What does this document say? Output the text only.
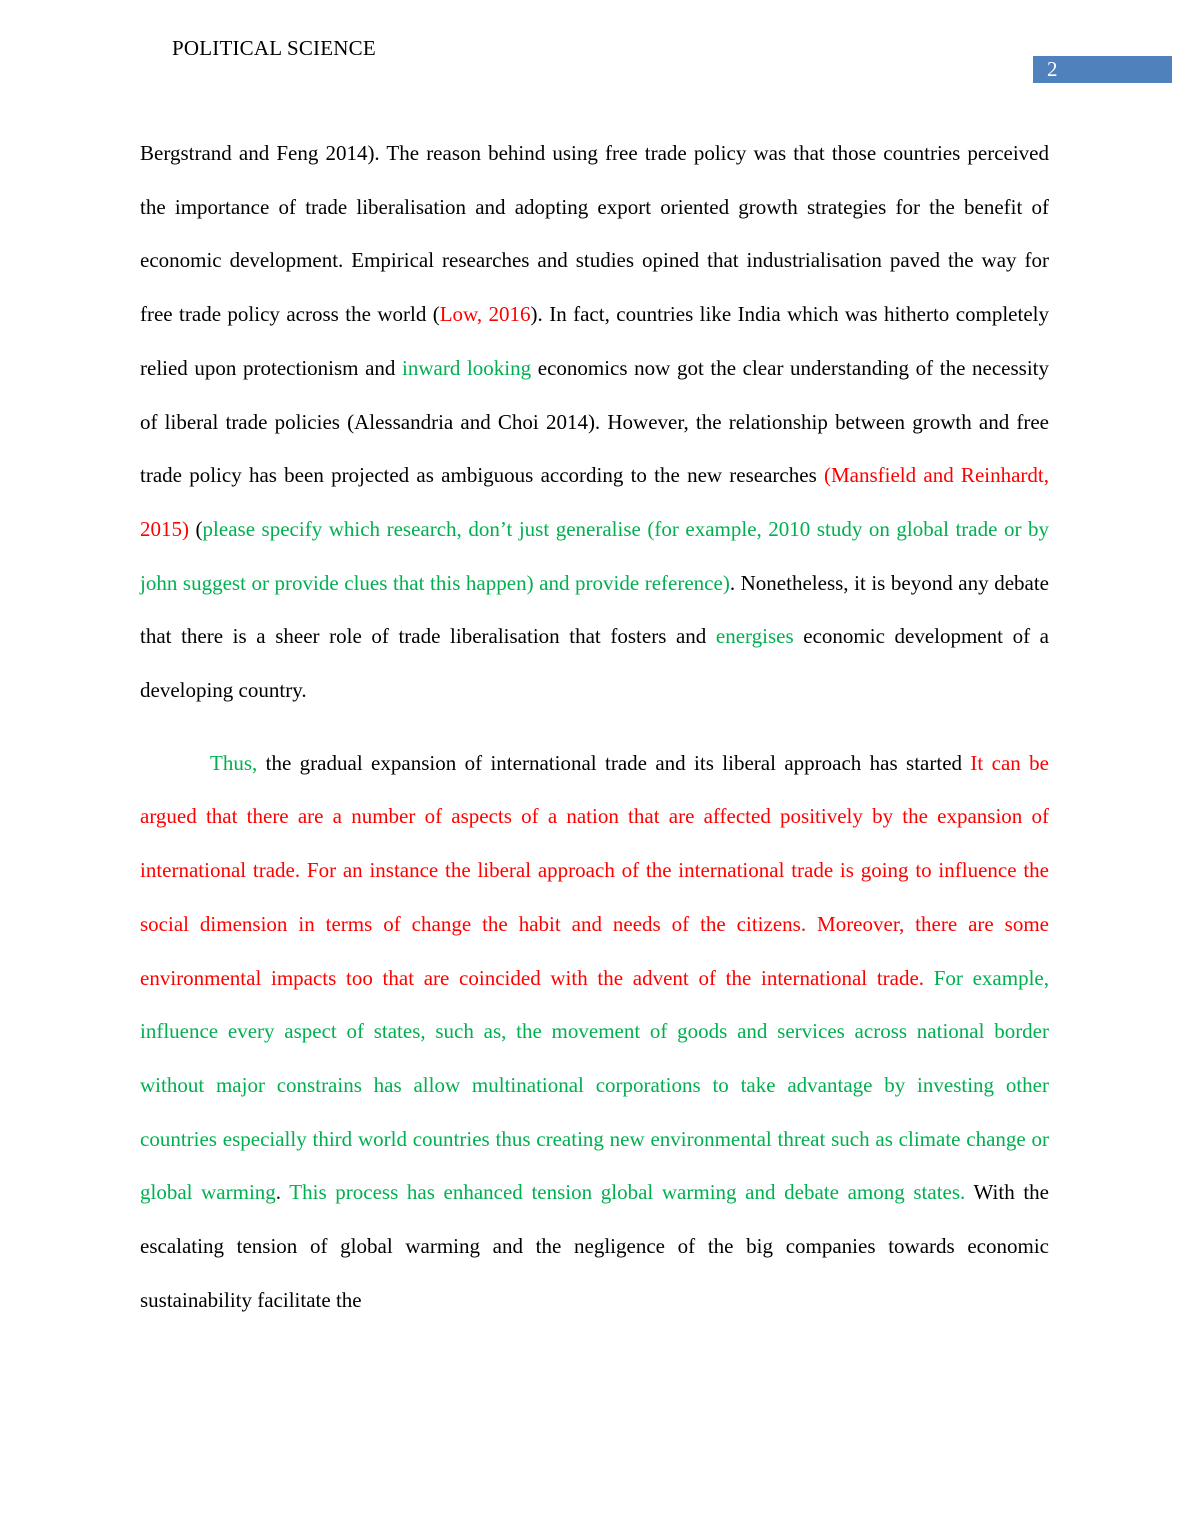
POLITICAL SCIENCE
2

Bergstrand and Feng 2014). The reason behind using free trade policy was that those countries perceived the importance of trade liberalisation and adopting export oriented growth strategies for the benefit of economic development. Empirical researches and studies opined that industrialisation paved the way for free trade policy across the world (Low, 2016). In fact, countries like India which was hitherto completely relied upon protectionism and inward looking economics now got the clear understanding of the necessity of liberal trade policies (Alessandria and Choi 2014). However, the relationship between growth and free trade policy has been projected as ambiguous according to the new researches (Mansfield and Reinhardt, 2015) (please specify which research, don’t just generalise (for example, 2010 study on global trade or by john suggest or provide clues that this happen) and provide reference). Nonetheless, it is beyond any debate that there is a sheer role of trade liberalisation that fosters and energises economic development of a developing country.

Thus, the gradual expansion of international trade and its liberal approach has started It can be argued that there are a number of aspects of a nation that are affected positively by the expansion of international trade. For an instance the liberal approach of the international trade is going to influence the social dimension in terms of change the habit and needs of the citizens. Moreover, there are some environmental impacts too that are coincided with the advent of the international trade. For example, influence every aspect of states, such as, the movement of goods and services across national border without major constrains has allow multinational corporations to take advantage by investing other countries especially third world countries thus creating new environmental threat such as climate change or global warming. This process has enhanced tension global warming and debate among states. With the escalating tension of global warming and the negligence of the big companies towards economic sustainability facilitate the
